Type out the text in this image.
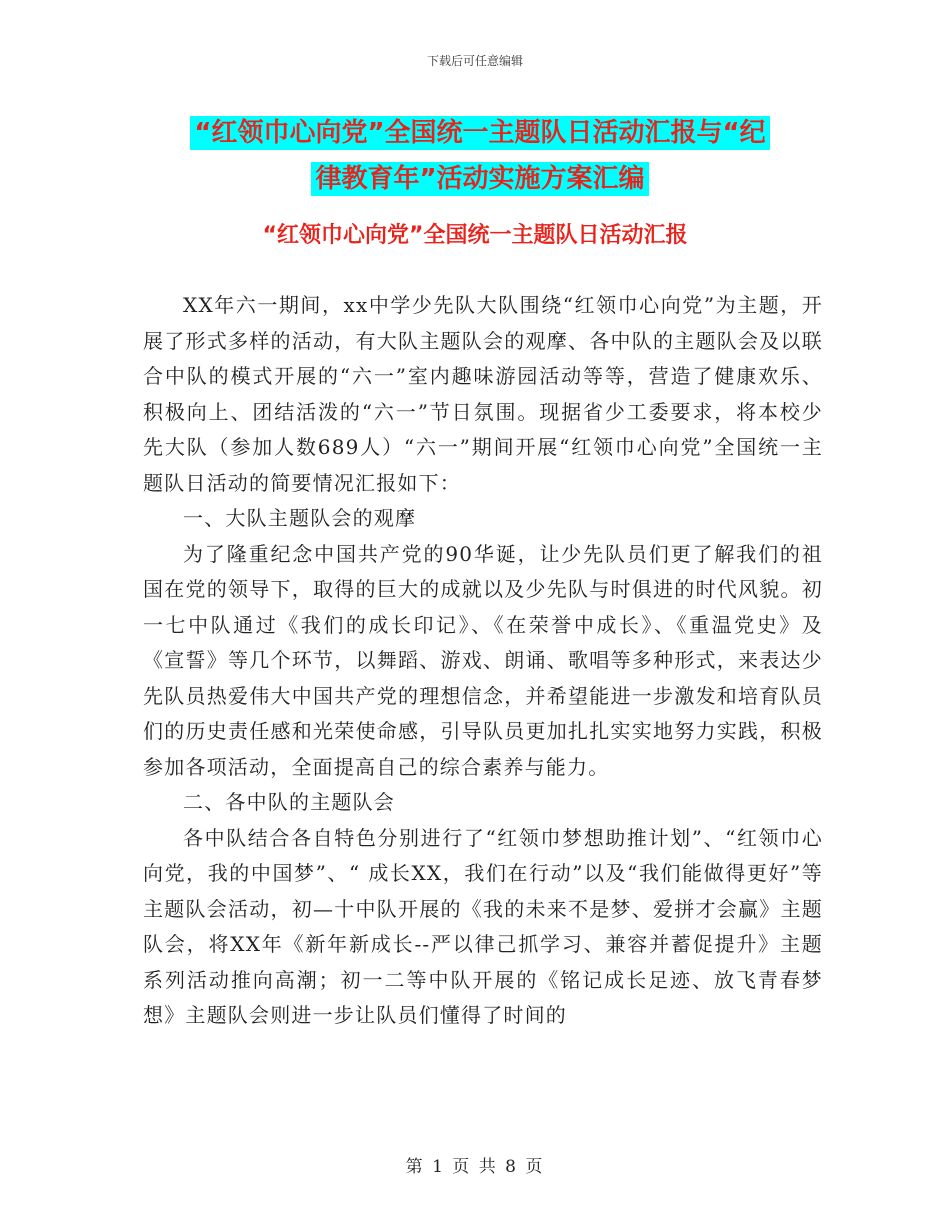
下载后可任意编辑
“红领巾心向党”全国统一主题队日活动汇报与“纪
律教育年”活动实施方案汇编
“红领巾心向党”全国统一主题队日活动汇报

XX年六一期间，xx中学少先队大队围绕“红领巾心向党”为主题，开展了形式多样的活动，有大队主题队会的观摩、各中队的主题队会及以联合中队的模式开展的“六一”室内趣味游园活动等等，营造了健康欢乐、积极向上、团结活泼的“六一”节日氛围。现据省少工委要求，将本校少先大队（参加人数689人）“六一”期间开展“红领巾心向党”全国统一主题队日活动的简要情况汇报如下：

一、大队主题队会的观摩

为了隆重纪念中国共产党的90华诞，让少先队员们更了解我们的祖国在党的领导下，取得的巨大的成就以及少先队与时俱进的时代风貌。初一七中队通过《我们的成长印记》、《在荣誉中成长》、《重温党史》及《宣誓》等几个环节，以舞蹈、游戏、朗诵、歌唱等多种形式，来表达少先队员热爱伟大中国共产党的理想信念，并希望能进一步激发和培育队员们的历史责任感和光荣使命感，引导队员更加扎扎实实地努力实践，积极参加各项活动，全面提高自己的综合素养与能力。

二、各中队的主题队会

各中队结合各自特色分别进行了“红领巾梦想助推计划”、“红领巾心向党，我的中国梦”、“ 成长XX，我们在行动”以及“我们能做得更好”等主题队会活动，初—十中队开展的《我的未来不是梦、爱拼才会赢》主题队会，将XX年《新年新成长--严以律己抓学习、兼容并蓄促提升》主题系列活动推向高潮；初一二等中队开展的《铭记成长足迹、放飞青春梦想》主题队会则进一步让队员们懂得了时间的

第 1 页 共 8 页
